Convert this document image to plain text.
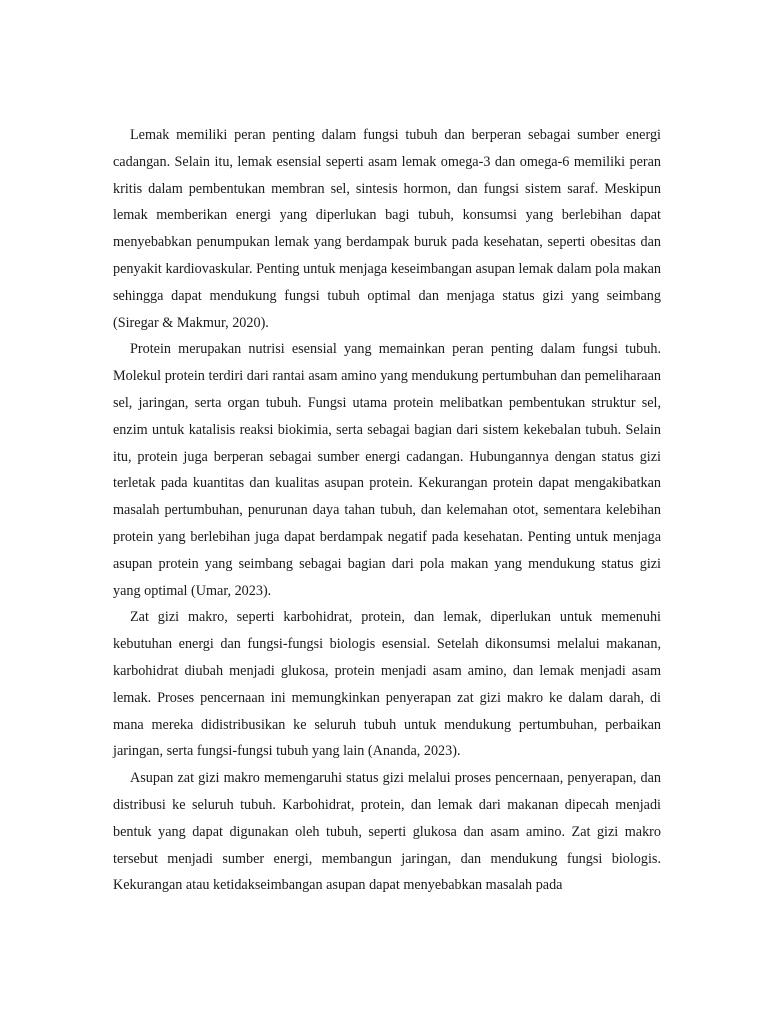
Lemak memiliki peran penting dalam fungsi tubuh dan berperan sebagai sumber energi cadangan. Selain itu, lemak esensial seperti asam lemak omega-3 dan omega-6 memiliki peran kritis dalam pembentukan membran sel, sintesis hormon, dan fungsi sistem saraf. Meskipun lemak memberikan energi yang diperlukan bagi tubuh, konsumsi yang berlebihan dapat menyebabkan penumpukan lemak yang berdampak buruk pada kesehatan, seperti obesitas dan penyakit kardiovaskular. Penting untuk menjaga keseimbangan asupan lemak dalam pola makan sehingga dapat mendukung fungsi tubuh optimal dan menjaga status gizi yang seimbang (Siregar & Makmur, 2020).

Protein merupakan nutrisi esensial yang memainkan peran penting dalam fungsi tubuh. Molekul protein terdiri dari rantai asam amino yang mendukung pertumbuhan dan pemeliharaan sel, jaringan, serta organ tubuh. Fungsi utama protein melibatkan pembentukan struktur sel, enzim untuk katalisis reaksi biokimia, serta sebagai bagian dari sistem kekebalan tubuh. Selain itu, protein juga berperan sebagai sumber energi cadangan. Hubungannya dengan status gizi terletak pada kuantitas dan kualitas asupan protein. Kekurangan protein dapat mengakibatkan masalah pertumbuhan, penurunan daya tahan tubuh, dan kelemahan otot, sementara kelebihan protein yang berlebihan juga dapat berdampak negatif pada kesehatan. Penting untuk menjaga asupan protein yang seimbang sebagai bagian dari pola makan yang mendukung status gizi yang optimal (Umar, 2023).

Zat gizi makro, seperti karbohidrat, protein, dan lemak, diperlukan untuk memenuhi kebutuhan energi dan fungsi-fungsi biologis esensial. Setelah dikonsumsi melalui makanan, karbohidrat diubah menjadi glukosa, protein menjadi asam amino, dan lemak menjadi asam lemak. Proses pencernaan ini memungkinkan penyerapan zat gizi makro ke dalam darah, di mana mereka didistribusikan ke seluruh tubuh untuk mendukung pertumbuhan, perbaikan jaringan, serta fungsi-fungsi tubuh yang lain (Ananda, 2023).

Asupan zat gizi makro memengaruhi status gizi melalui proses pencernaan, penyerapan, dan distribusi ke seluruh tubuh. Karbohidrat, protein, dan lemak dari makanan dipecah menjadi bentuk yang dapat digunakan oleh tubuh, seperti glukosa dan asam amino. Zat gizi makro tersebut menjadi sumber energi, membangun jaringan, dan mendukung fungsi biologis. Kekurangan atau ketidakseimbangan asupan dapat menyebabkan masalah pada
